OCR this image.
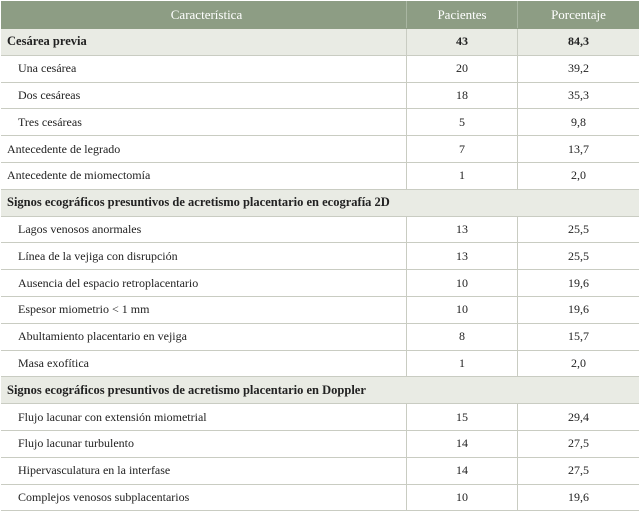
Característica	Pacientes	Porcentaje
Cesárea previa	43	84,3
Una cesárea	20	39,2
Dos cesáreas	18	35,3
Tres cesáreas	5	9,8
Antecedente de legrado	7	13,7
Antecedente de miomectomía	1	2,0
Signos ecográficos presuntivos de acretismo placentario en ecografía 2D
Lagos venosos anormales	13	25,5
Línea de la vejiga con disrupción	13	25,5
Ausencia del espacio retroplacentario	10	19,6
Espesor miometrio < 1 mm	10	19,6
Abultamiento placentario en vejiga	8	15,7
Masa exofítica	1	2,0
Signos ecográficos presuntivos de acretismo placentario en Doppler
Flujo lacunar con extensión miometrial	15	29,4
Flujo lacunar turbulento	14	27,5
Hipervasculatura en la interfase	14	27,5
Complejos venosos subplacentarios	10	19,6
